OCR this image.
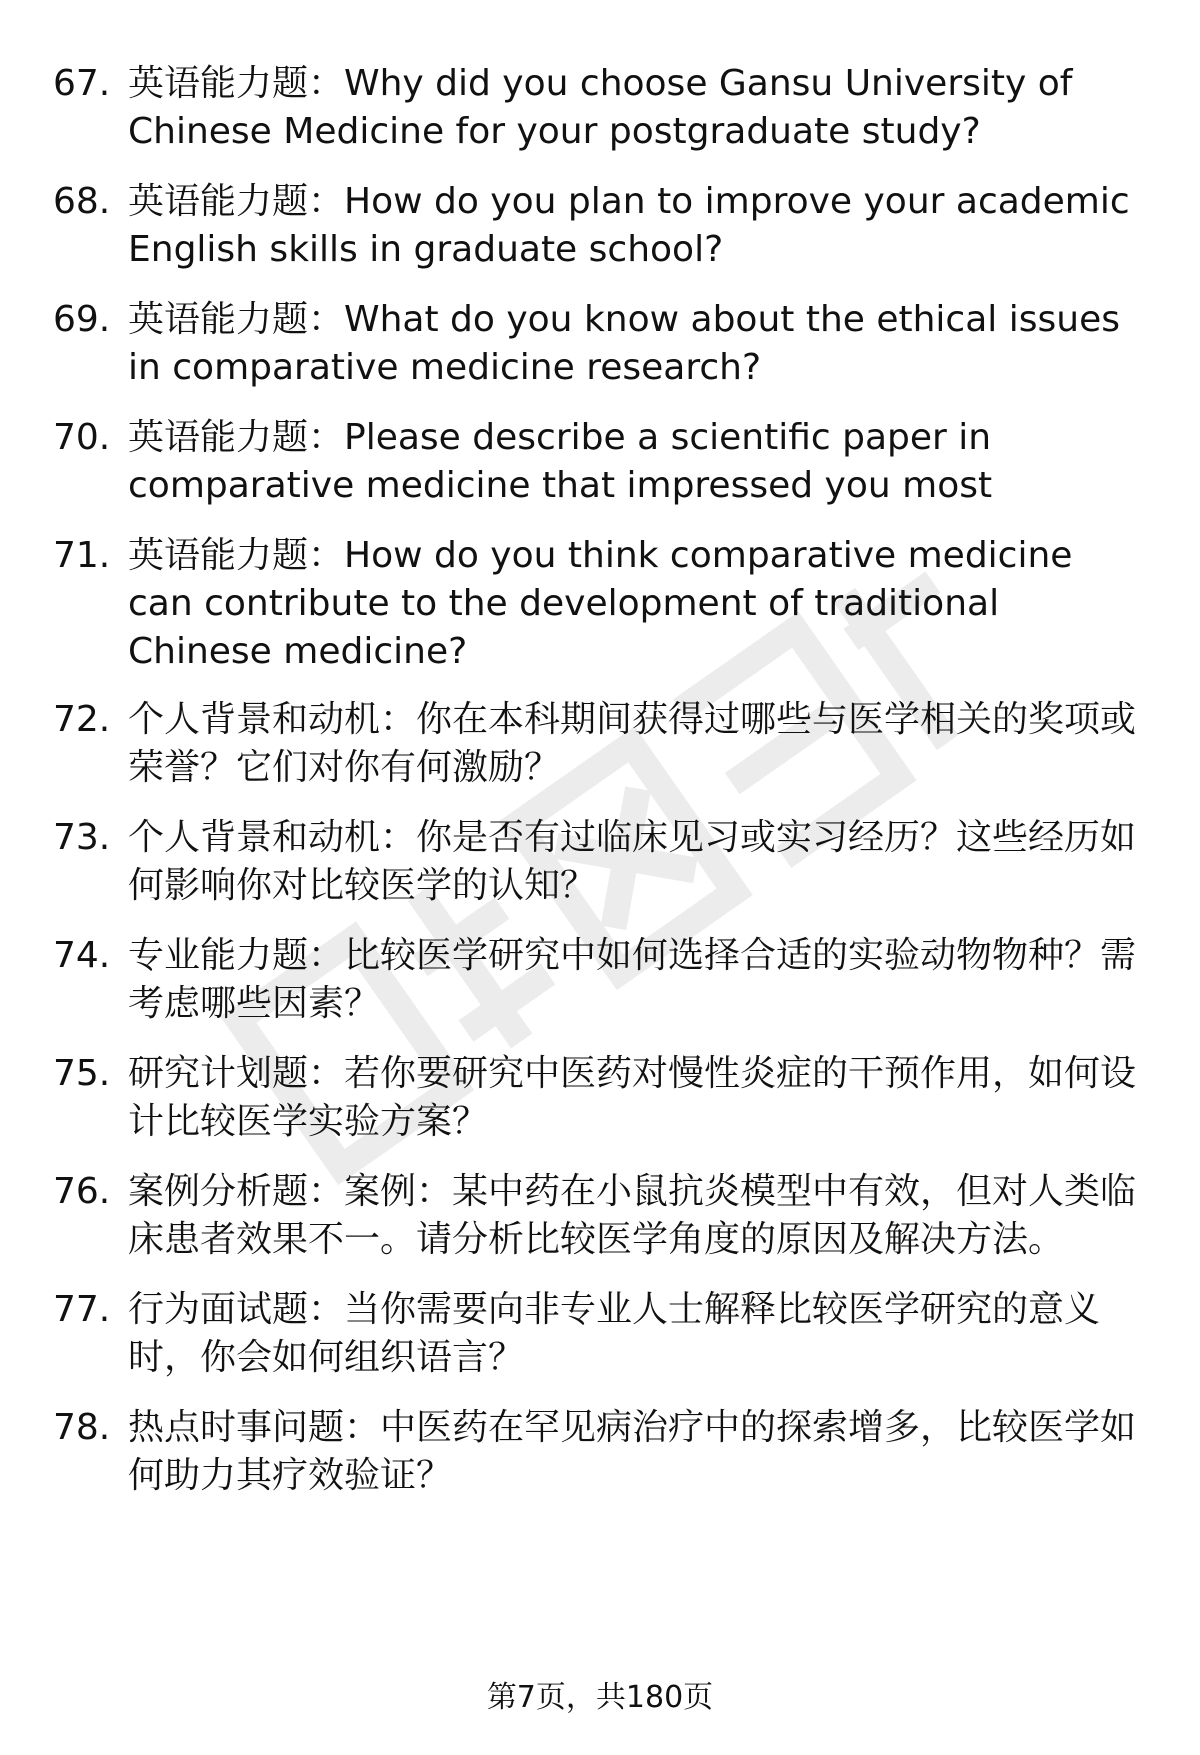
67. 英语能力题：Why did you choose Gansu University of Chinese Medicine for your postgraduate study?
68. 英语能力题：How do you plan to improve your academic English skills in graduate school?
69. 英语能力题：What do you know about the ethical issues in comparative medicine research?
70. 英语能力题：Please describe a scientific paper in comparative medicine that impressed you most
71. 英语能力题：How do you think comparative medicine can contribute to the development of traditional Chinese medicine?
72. 个人背景和动机：你在本科期间获得过哪些与医学相关的奖项或荣誉？它们对你有何激励？
73. 个人背景和动机：你是否有过临床见习或实习经历？这些经历如何影响你对比较医学的认知？
74. 专业能力题：比较医学研究中如何选择合适的实验动物物种？需考虑哪些因素？
75. 研究计划题：若你要研究中医药对慢性炎症的干预作用，如何设计比较医学实验方案？
76. 案例分析题：案例：某中药在小鼠抗炎模型中有效，但对人类临床患者效果不一。请分析比较医学角度的原因及解决方法。
77. 行为面试题：当你需要向非专业人士解释比较医学研究的意义时，你会如何组织语言？
78. 热点时事问题：中医药在罕见病治疗中的探索增多，比较医学如何助力其疗效验证？
第7页，共180页
